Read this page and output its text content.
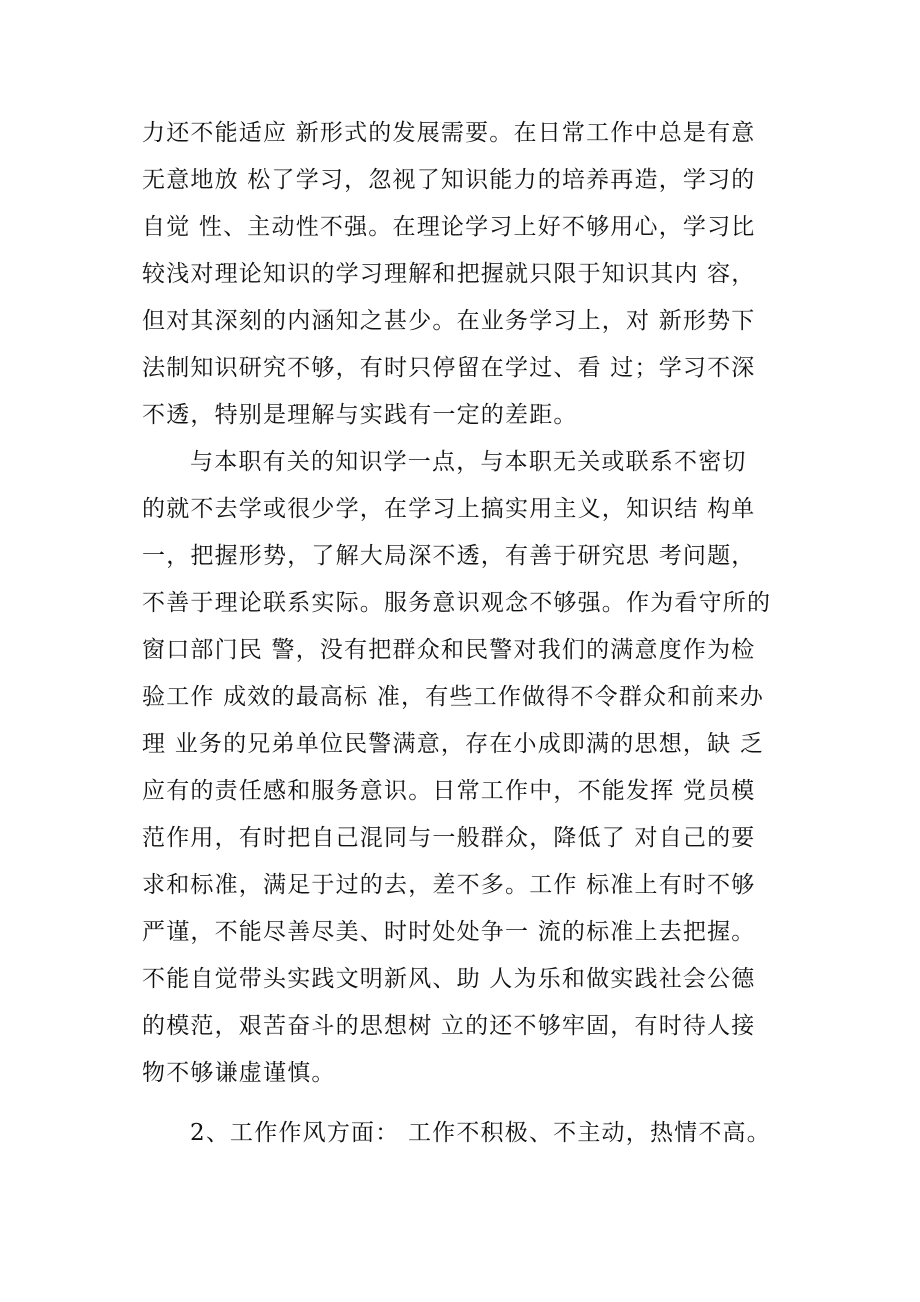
力还不能适应 新形式的发展需要。在日常工作中总是有意
无意地放 松了学习，忽视了知识能力的培养再造，学习的
自觉 性、主动性不强。在理论学习上好不够用心，学习比
较浅对理论知识的学习理解和把握就只限于知识其内 容，
但对其深刻的内涵知之甚少。在业务学习上，对 新形势下
法制知识研究不够，有时只停留在学过、看 过；学习不深
不透，特别是理解与实践有一定的差距。
与本职有关的知识学一点，与本职无关或联系不密切
的就不去学或很少学，在学习上搞实用主义，知识结 构单
一，把握形势，了解大局深不透，有善于研究思 考问题，
不善于理论联系实际。服务意识观念不够强。作为看守所的
窗口部门民 警，没有把群众和民警对我们的满意度作为检
验工作 成效的最高标 准，有些工作做得不令群众和前来办
理 业务的兄弟单位民警满意，存在小成即满的思想，缺 乏
应有的责任感和服务意识。日常工作中，不能发挥 党员模
范作用，有时把自己混同与一般群众，降低了 对自己的要
求和标准，满足于过的去，差不多。工作 标准上有时不够
严谨，不能尽善尽美、时时处处争一 流的标准上去把握。
不能自觉带头实践文明新风、助 人为乐和做实践社会公德
的模范，艰苦奋斗的思想树 立的还不够牢固，有时待人接
物不够谦虚谨慎。
2、工作作风方面： 工作不积极、不主动，热情不高。
